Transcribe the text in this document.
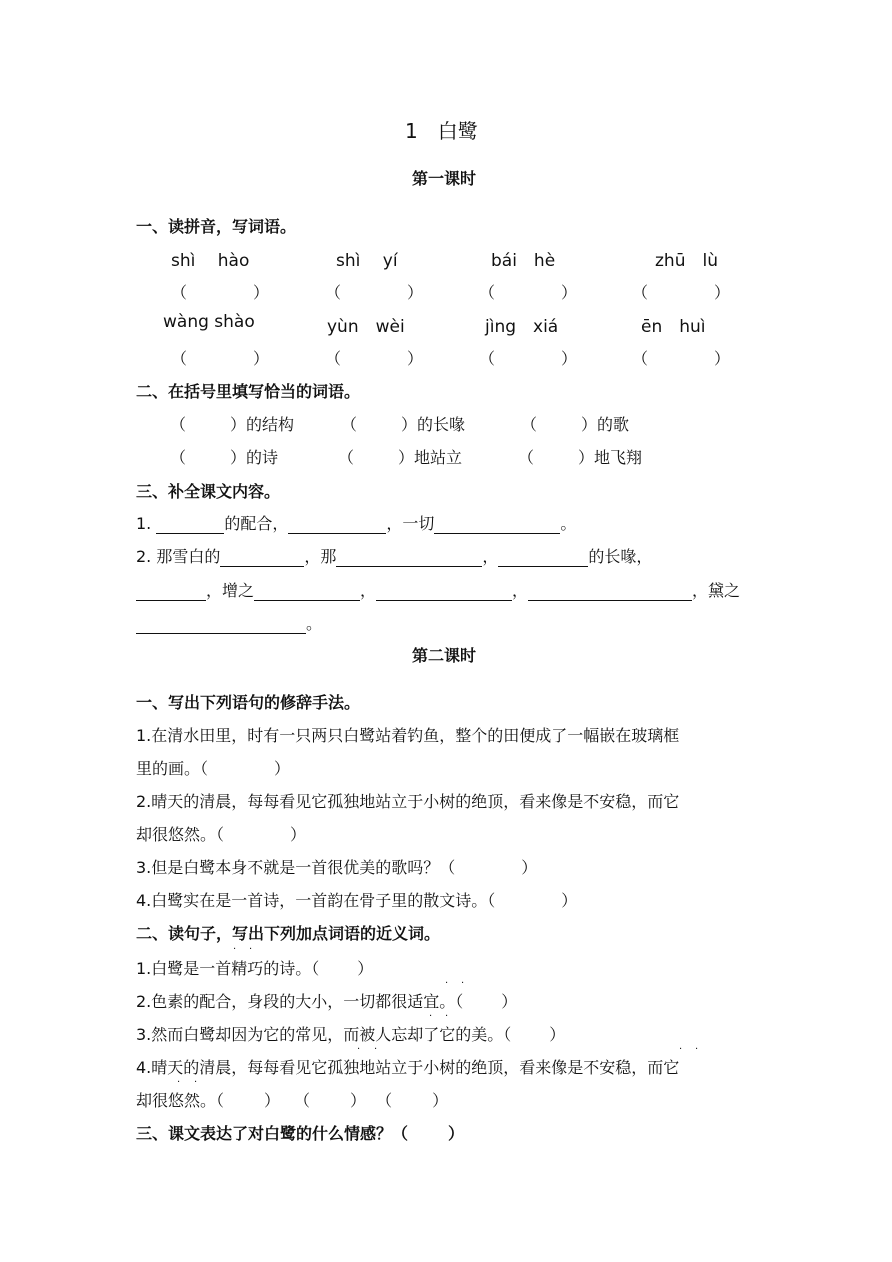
1　白鹭
第一课时
一、读拼音，写词语。
shì　 hào	shì　 yí	bái　hè	zhū　lù
（	）	（	）	（	）	（	）
wàng shào	yùn　wèi	jìng　xiá	ēn　huì
（	）	（	）	（	）	（	）
二、在括号里填写恰当的词语。
（	）的结构	（	）的长喙	（	）的歌
（	）的诗	（	）地站立	（	）地飞翔
三、补全课文内容。
1.	的配合，	，一切	。
2. 那雪白的	，那	，	的长喙，
，增之	，	，	，黛之
。
第二课时
一、写出下列语句的修辞手法。
1.在清水田里，时有一只两只白鹭站着钓鱼，整个的田便成了一幅嵌在玻璃框
里的画。（	）
2.晴天的清晨，每每看见它孤独地站立于小树的绝顶，看来像是不安稳，而它
却很悠然。（	）
3.但是白鹭本身不就是一首很优美的歌吗？（	）
4.白鹭实在是一首诗，一首韵在骨子里的散文诗。（	）
二、读句子，写出下列加点词语的近义词。
· ·
1.白鹭是一首精巧的诗。（ ）
· ·
2.色素的配合，身段的大小，一切都很适宜。（ ）
· ·
3.然而白鹭却因为它的常见，而被人忘却了它的美。（ ）
· ·	· ·
4.晴天的清晨，每每看见它孤独地站立于小树的绝顶，看来像是不安稳，而它
· ·
却很悠然。（	） （	） （	）
三、课文表达了对白鹭的什么情感？（	）
